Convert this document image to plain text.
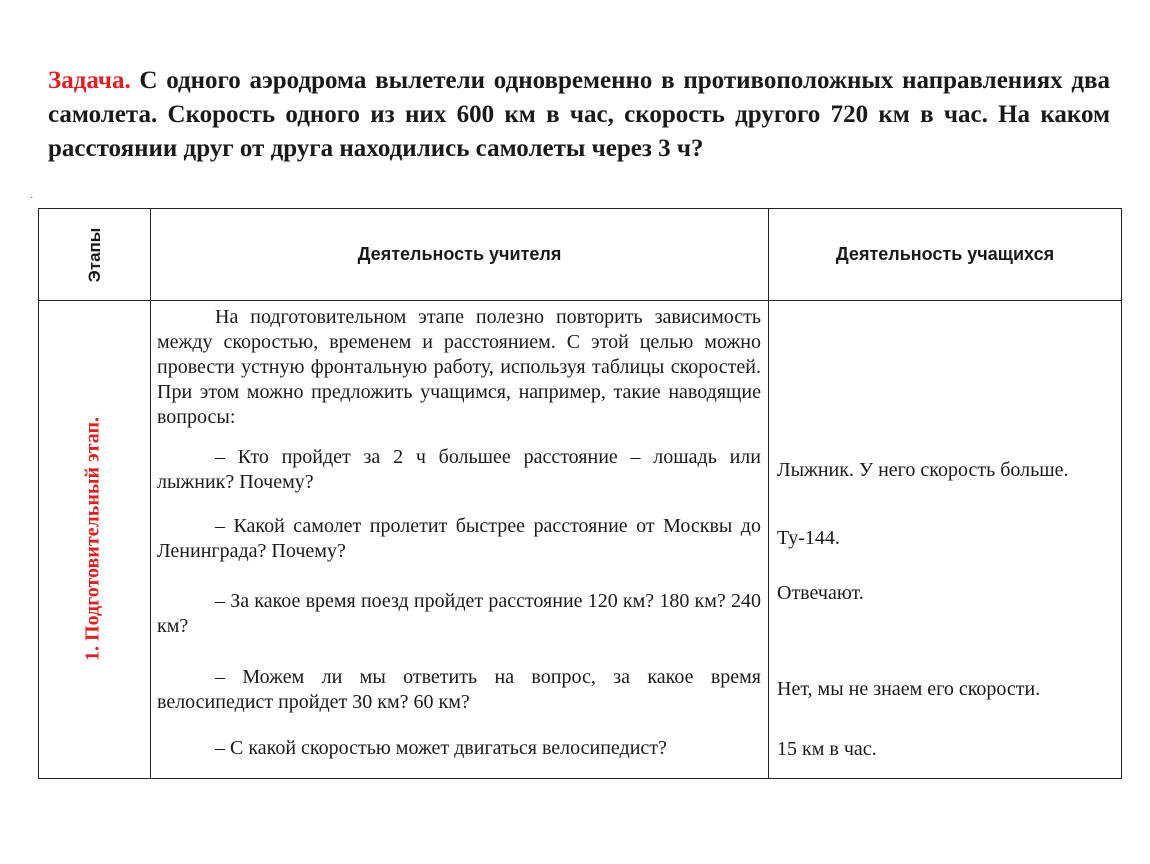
Задача. С одного аэродрома вылетели одновременно в противоположных направлениях два самолета. Скорость одного из них 600 км в час, скорость другого 720 км в час. На каком расстоянии друг от друга находились самолеты через 3 ч?
·
Этапы	Деятельность учителя	Деятельность учащихся
1. Подготовительный этап.
На подготовительном этапе полезно повторить зависимость между скоростью, временем и расстоянием. С этой целью можно провести устную фронтальную работу, используя таблицы скоростей. При этом можно предложить учащимся, например, такие наводящие вопросы:
– Кто пройдет за 2 ч большее расстояние – лошадь или лыжник? Почему?
– Какой самолет пролетит быстрее расстояние от Москвы до Ленинграда? Почему?
– За какое время поезд пройдет расстояние 120 км? 180 км? 240 км?
– Можем ли мы ответить на вопрос, за какое время велосипедист пройдет 30 км? 60 км?
– С какой скоростью может двигаться велосипедист?
Лыжник. У него скорость больше.
Ту-144.
Отвечают.
Нет, мы не знаем его скорости.
15 км в час.
